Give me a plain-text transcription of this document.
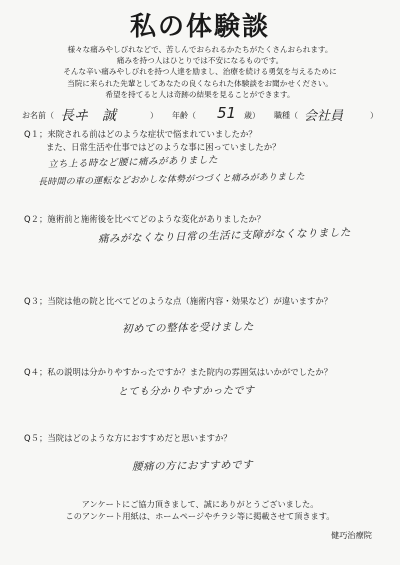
私の体験談
様々な痛みやしびれなどで、苦しんでおられるかたちがたくさんおられます。
痛みを持つ人はひとりでは不安になるものです。
そんな辛い痛みやしびれを持つ人達を励まし、治療を続ける勇気を与えるために
当院に来られた先輩としてあなたの良くなられた体験談をお聞かせください。
希望を持てると人は奇跡の結果を見ることができます。
お名前（ 長ヰ　誠	） 年齢（ 51 歳） 職種（ 会社員	）
Q１；来院される前はどのような症状で悩まれていましたか？
また、日常生活や仕事ではどのような事に困っていましたか？
立ち上る時など腰に痛みがありました
長時間の車の運転などおかしな体勢がつづくと痛みがありました
Q２；施術前と施術後を比べてどのような変化がありましたか？
痛みがなくなり日常の生活に支障がなくなりました
Q３；当院は他の院と比べてどのような点（施術内容・効果など）が違いますか？
初めての整体を受けました
Q４；私の説明は分かりやすかったですか？また院内の雰囲気はいかがでしたか？
とても分かりやすかったです
Q５；当院はどのような方におすすめだと思いますか？
腰痛の方におすすめです
アンケートにご協力頂きまして、誠にありがとうございました。
このアンケート用紙は、ホームページやチラシ等に掲載させて頂きます。
健巧治療院
